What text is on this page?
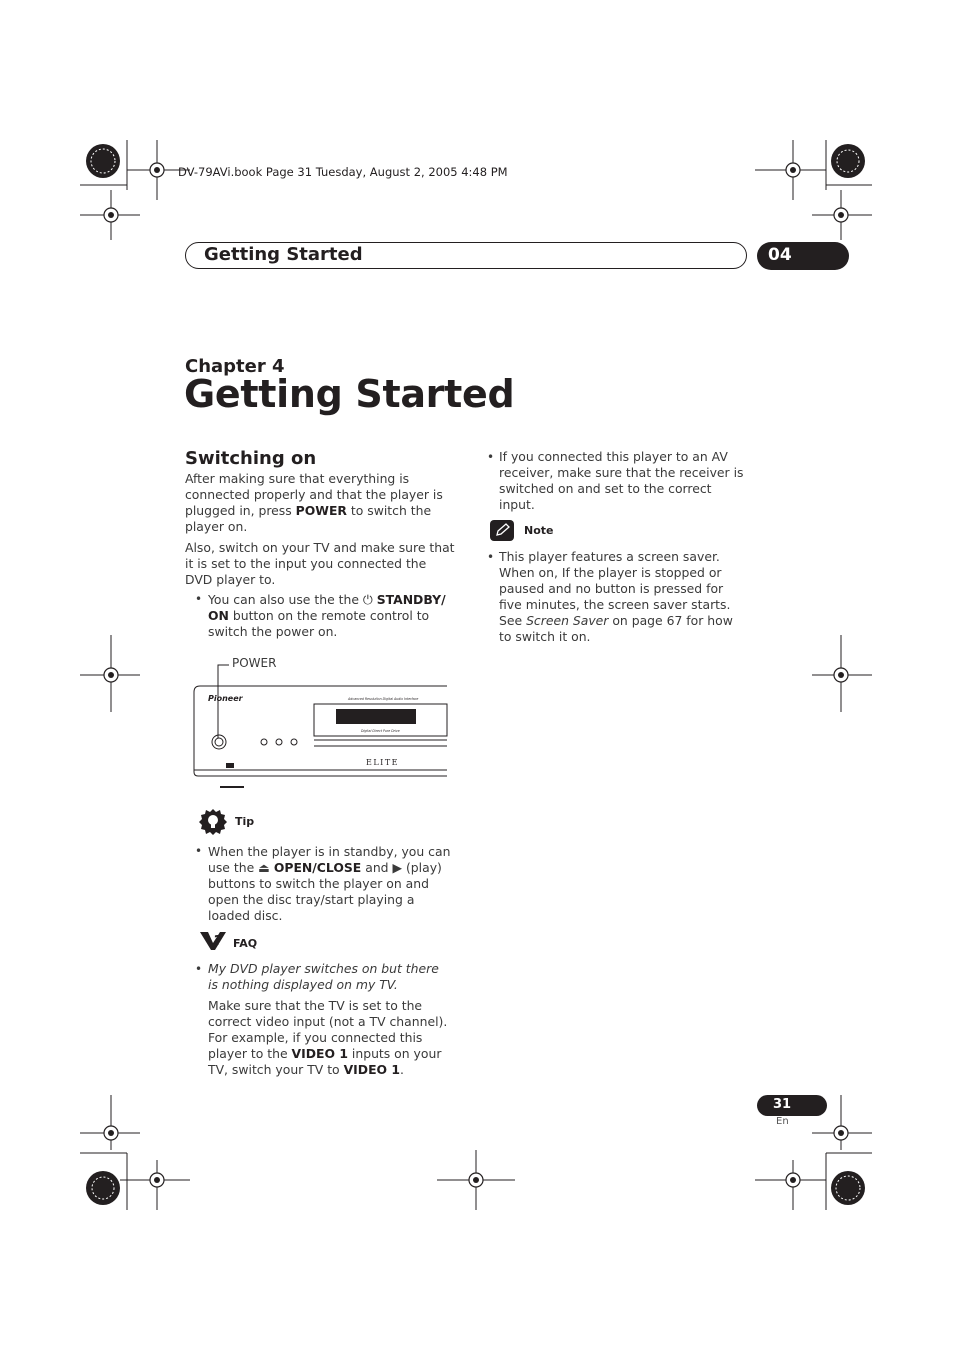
DV-79AVi.book Page 31 Tuesday, August 2, 2005 4:48 PM
Getting Started	04
Chapter 4
Getting Started
Switching on
After making sure that everything is connected properly and that the player is plugged in, press POWER to switch the player on.
Also, switch on your TV and make sure that it is set to the input you connected the DVD player to.
• You can also use the the ⏻ STANDBY/ ON button on the remote control to switch the power on.
POWER
Pioneer	Advanced Resolution Digital Audio Interface
Digital Direct Pure Drive
ELITE
Tip
• When the player is in standby, you can use the ⏏ OPEN/CLOSE and ▶ (play) buttons to switch the player on and open the disc tray/start playing a loaded disc.
? FAQ
• My DVD player switches on but there is nothing displayed on my TV.
Make sure that the TV is set to the correct video input (not a TV channel). For example, if you connected this player to the VIDEO 1 inputs on your TV, switch your TV to VIDEO 1.
• If you connected this player to an AV receiver, make sure that the receiver is switched on and set to the correct input.
Note
• This player features a screen saver. When on, If the player is stopped or paused and no button is pressed for five minutes, the screen saver starts. See Screen Saver on page 67 for how to switch it on.
31
En
